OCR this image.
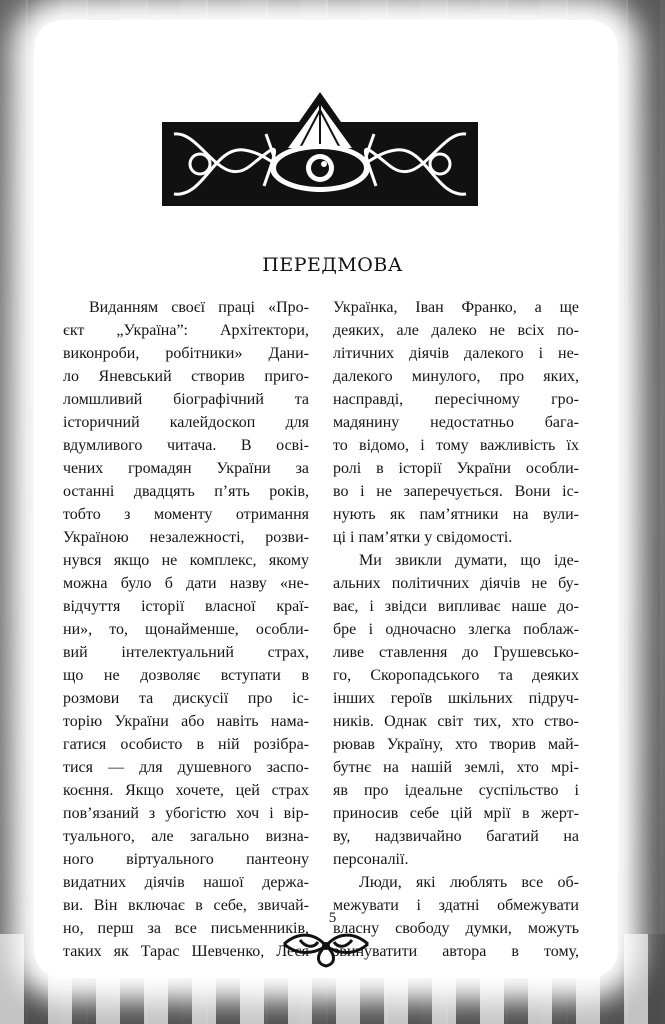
ПЕРЕДМОВА
Виданням своєї праці «Про-
єкт „Україна”: Архітектори,
виконроби, робітники» Дани-
ло Яневський створив приго-
ломшливий біографічний та
історичний калейдоскоп для
вдумливого читача. В осві-
чених громадян України за
останні двадцять п’ять років,
тобто з моменту отримання
Україною незалежності, розви-
нувся якщо не комплекс, якому
можна було б дати назву «не-
відчуття історії власної краї-
ни», то, щонайменше, особли-
вий інтелектуальний страх,
що не дозволяє вступати в
розмови та дискусії про іс-
торію України або навіть нама-
гатися особисто в ній розібра-
тися — для душевного заспо-
коєння. Якщо хочете, цей страх
пов’язаний з убогістю хоч і вір-
туального, але загально визна-
ного віртуального пантеону
видатних діячів нашої держа-
ви. Він включає в себе, звичай-
но, перш за все письменників,
таких як Тарас Шевченко, Леся
Українка, Іван Франко, а ще
деяких, але далеко не всіх по-
літичних діячів далекого і не-
далекого минулого, про яких,
насправді, пересічному гро-
мадянину недостатньо бага-
то відомо, і тому важливість їх
ролі в історії України особли-
во і не заперечується. Вони іс-
нують як пам’ятники на вули-
ці і пам’ятки у свідомості.
Ми звикли думати, що іде-
альних політичних діячів не бу-
ває, і звідси випливає наше до-
бре і одночасно злегка поблаж-
ливе ставлення до Грушевсько-
го, Скоропадського та деяких
інших героїв шкільних підруч-
ників. Однак світ тих, хто ство-
рював Україну, хто творив май-
бутнє на нашій землі, хто мрі-
яв про ідеальне суспільство і
приносив себе цій мрії в жерт-
ву, надзвичайно багатий на
персоналії.
Люди, які люблять все об-
межувати і здатні обмежувати
власну свободу думки, можуть
звинуватити автора в тому,
5
